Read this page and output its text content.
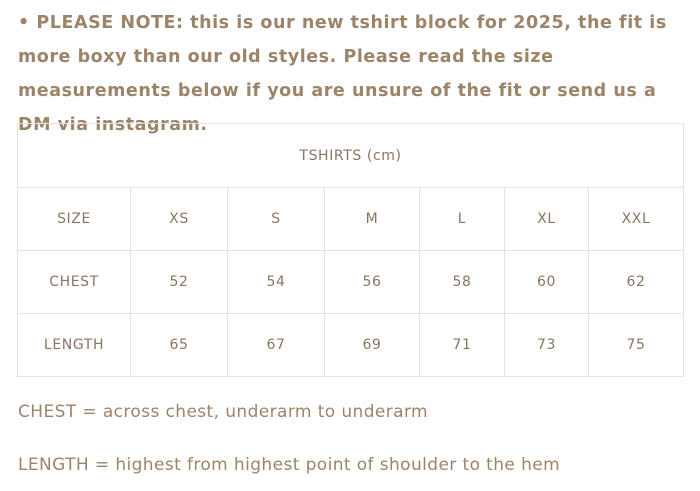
• PLEASE NOTE: this is our new tshirt block for 2025, the fit is more boxy than our old styles. Please read the size measurements below if you are unsure of the fit or send us a DM via instagram.

TSHIRTS (cm)						
SIZE	XS	S	M	L	XL	XXL
CHEST	52	54	56	58	60	62
LENGTH	65	67	69	71	73	75

CHEST = across chest, underarm to underarm

LENGTH = highest from highest point of shoulder to the hem
